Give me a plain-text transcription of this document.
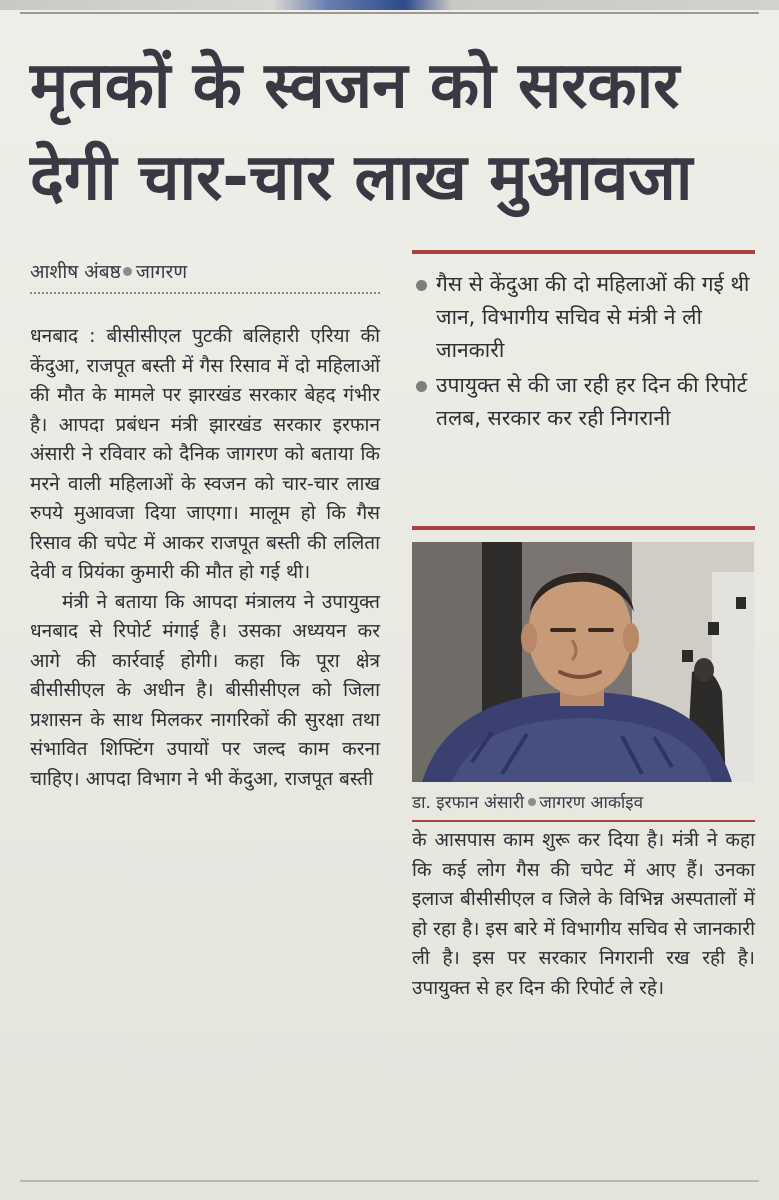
मृतकों के स्वजन को सरकार
देगी चार-चार लाख मुआवजा
आशीष अंबष्ठ जागरण

धनबाद : बीसीसीएल पुटकी बलिहारी एरिया की केंदुआ, राजपूत बस्ती में गैस रिसाव में दो महिलाओं की मौत के मामले पर झारखंड सरकार बेहद गंभीर है। आपदा प्रबंधन मंत्री झारखंड सरकार इरफान अंसारी ने रविवार को दैनिक जागरण को बताया कि मरने वाली महिलाओं के स्वजन को चार-चार लाख रुपये मुआवजा दिया जाएगा। मालूम हो कि गैस रिसाव की चपेट में आकर राजपूत बस्ती की ललिता देवी व प्रियंका कुमारी की मौत हो गई थी।

मंत्री ने बताया कि आपदा मंत्रालय ने उपायुक्त धनबाद से रिपोर्ट मंगाई है। उसका अध्ययन कर आगे की कार्रवाई होगी। कहा कि पूरा क्षेत्र बीसीसीएल के अधीन है। बीसीसीएल को जिला प्रशासन के साथ मिलकर नागरिकों की सुरक्षा तथा संभावित शिफ्टिंग उपायों पर जल्द काम करना चाहिए। आपदा विभाग ने भी केंदुआ, राजपूत बस्ती

गैस से केंदुआ की दो महिलाओं की गई थी जान, विभागीय सचिव से मंत्री ने ली जानकारी
उपायुक्त से की जा रही हर दिन की रिपोर्ट तलब, सरकार कर रही निगरानी
डा. इरफान अंसारी जागरण आर्काइव
के आसपास काम शुरू कर दिया है। मंत्री ने कहा कि कई लोग गैस की चपेट में आए हैं। उनका इलाज बीसीसीएल व जिले के विभिन्न अस्पतालों में हो रहा है। इस बारे में विभागीय सचिव से जानकारी ली है। इस पर सरकार निगरानी रख रही है। उपायुक्त से हर दिन की रिपोर्ट ले रहे।
